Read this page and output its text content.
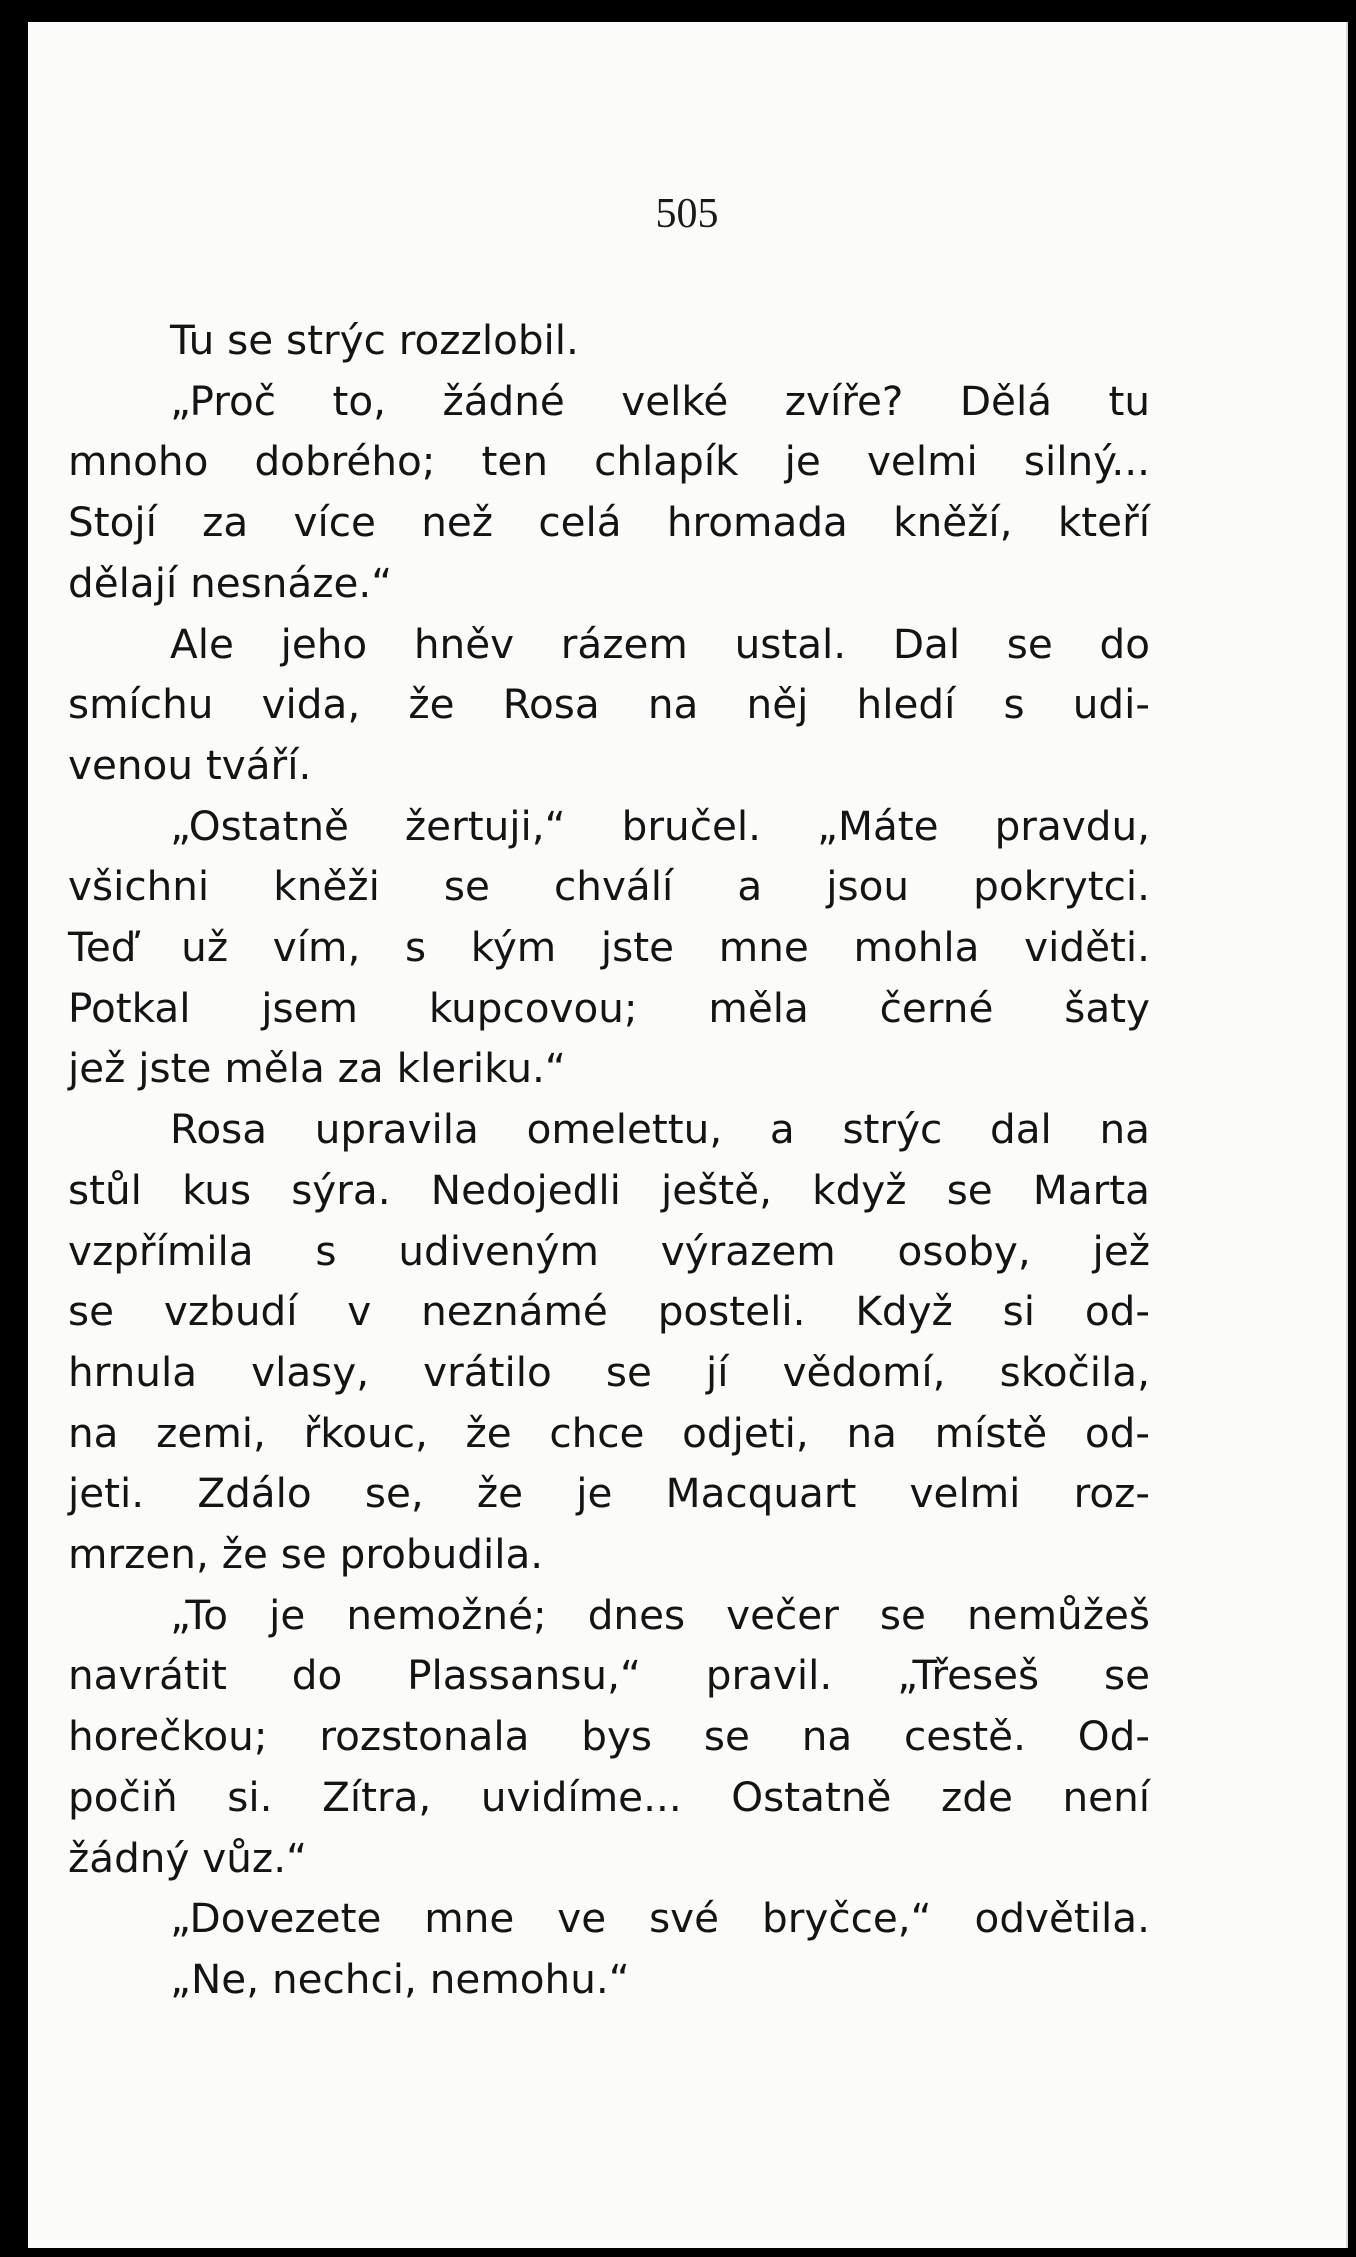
505
Tu se strýc rozzlobil.
„Proč to, žádné velké zvíře? Dělá tu
mnoho dobrého; ten chlapík je velmi silný...
Stojí za více než celá hromada kněží, kteří
dělají nesnáze.“
Ale jeho hněv rázem ustal. Dal se do
smíchu vida, že Rosa na něj hledí s udi-
venou tváří.
„Ostatně žertuji,“ bručel. „Máte pravdu,
všichni kněži se chválí a jsou pokrytci.
Teď už vím, s kým jste mne mohla viděti.
Potkal jsem kupcovou; měla černé šaty
jež jste měla za kleriku.“
Rosa upravila omelettu, a strýc dal na
stůl kus sýra. Nedojedli ještě, když se Marta
vzpřímila s udiveným výrazem osoby, jež
se vzbudí v neznámé posteli. Když si od-
hrnula vlasy, vrátilo se jí vědomí, skočila,
na zemi, řkouc, že chce odjeti, na místě od-
jeti. Zdálo se, že je Macquart velmi roz-
mrzen, že se probudila.
„To je nemožné; dnes večer se nemůžeš
navrátit do Plassansu,“ pravil. „Třeseš se
horečkou; rozstonala bys se na cestě. Od-
počiň si. Zítra, uvidíme... Ostatně zde není
žádný vůz.“
„Dovezete mne ve své bryčce,“ odvětila.
„Ne, nechci, nemohu.“
